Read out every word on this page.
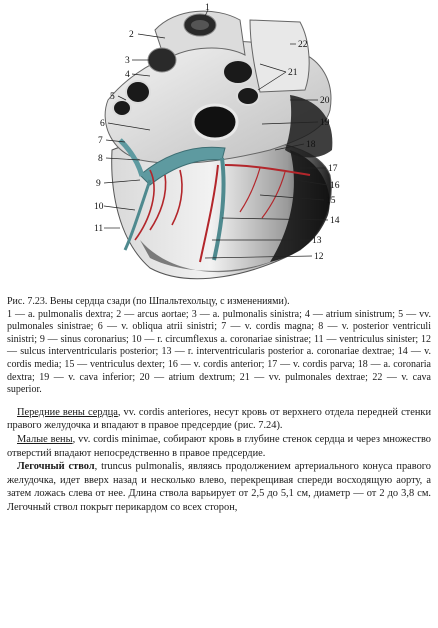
1
2
3
4
5
6
7
8
9
10
11
12
13
14
15
16
17
18
19
20
21
22

Рис. 7.23. Вены сердца сзади (по Шпальтехольцу, с изменениями).
1 — a. pulmonalis dextra; 2 — arcus aortae; 3 — a. pulmonalis sinistra; 4 — atrium sinistrum; 5 — vv. pulmonales sinistrae; 6 — v. obliqua atrii sinistri; 7 — v. cordis magna; 8 — v. posterior ventriculi sinistri; 9 — sinus coronarius; 10 — r. circumflexus a. coronariae sinistrae; 11 — ventriculus sinister; 12 — sulcus interventricularis posterior; 13 — r. interventricularis posterior a. coronariae dextrae; 14 — v. cordis media; 15 — ventriculus dexter; 16 — v. cordis anterior; 17 — v. cordis parva; 18 — a. coronaria dextra; 19 — v. cava inferior; 20 — atrium dextrum; 21 — vv. pulmonales dextrae; 22 — v. cava superior.

Передние вены сердца, vv. cordis anteriores, несут кровь от верхнего отдела передней стенки правого желудочка и впадают в правое предсердие (рис. 7.24).

Малые вены, vv. cordis minimae, собирают кровь в глубине стенок сердца и через множество отверстий впадают непосредственно в правое предсердие.

Легочный ствол, truncus pulmonalis, являясь продолжением артериального конуса правого желудочка, идет вверх назад и несколько влево, перекрещивая спереди восходящую аорту, а затем ложась слева от нее. Длина ствола варьирует от 2,5 до 5,1 см, диаметр — от 2 до 3,8 см. Легочный ствол покрыт перикардом со всех сторон,
